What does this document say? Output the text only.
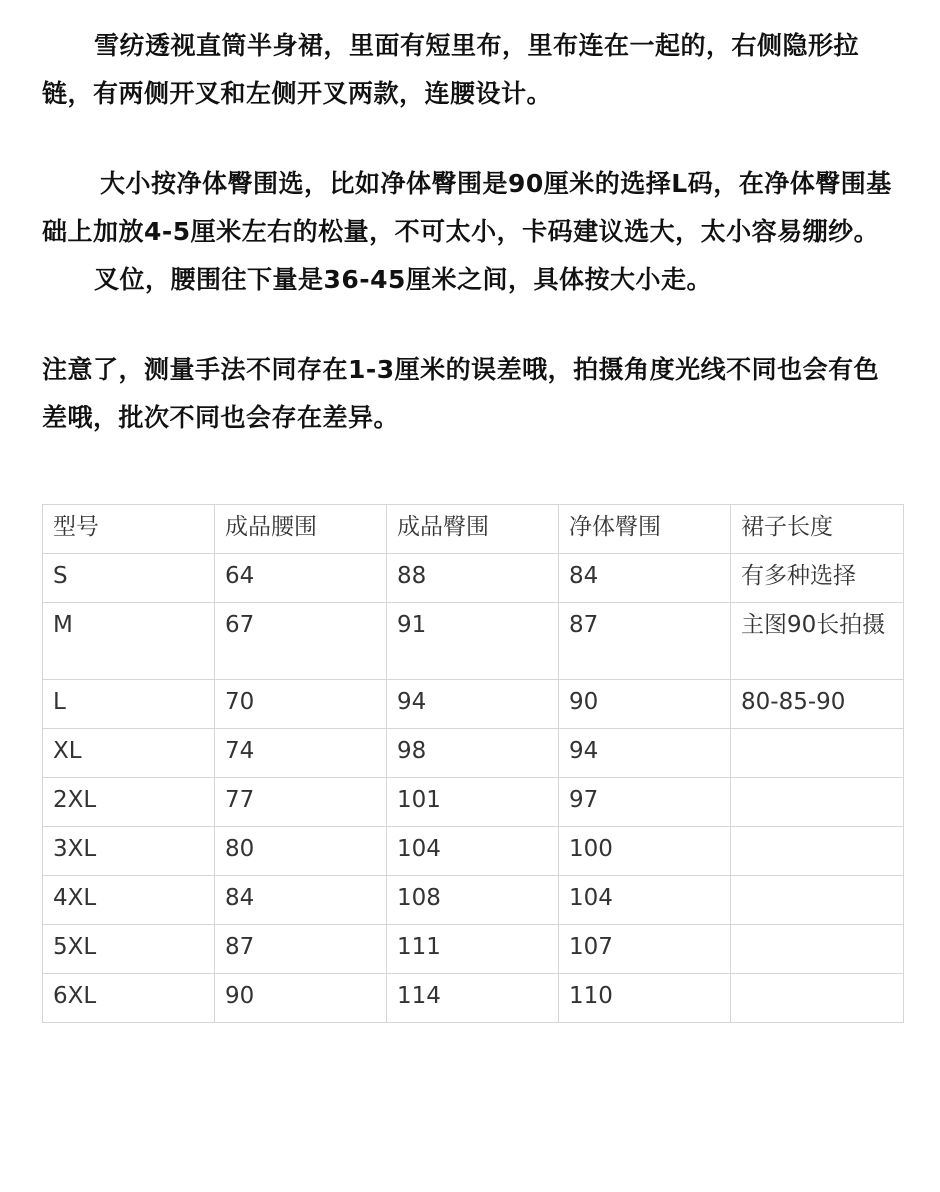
雪纺透视直筒半身裙，里面有短里布，里布连在一起的，右侧隐形拉链，有两侧开叉和左侧开叉两款，连腰设计。

大小按净体臀围选，比如净体臀围是90厘米的选择L码，在净体臀围基础上加放4-5厘米左右的松量，不可太小，卡码建议选大，太小容易绷纱。

叉位，腰围往下量是36-45厘米之间，具体按大小走。

注意了，测量手法不同存在1-3厘米的误差哦，拍摄角度光线不同也会有色差哦，批次不同也会存在差异。

型号	成品腰围	成品臀围	净体臀围	裙子长度
S	64	88	84	有多种选择
M	67	91	87	主图90长拍摄
L	70	94	90	80-85-90
XL	74	98	94	
2XL	77	101	97	
3XL	80	104	100	
4XL	84	108	104	
5XL	87	111	107	
6XL	90	114	110	
